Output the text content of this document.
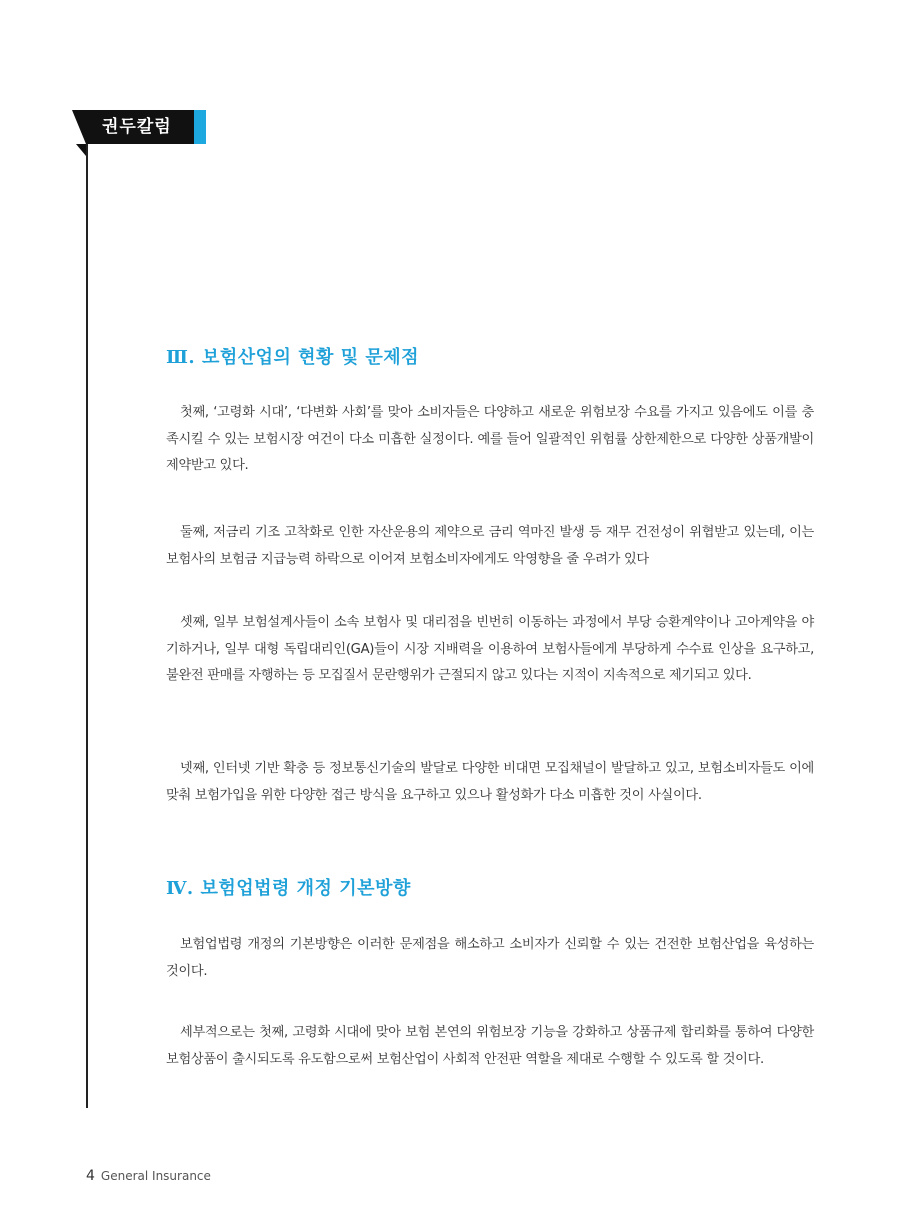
권두칼럼
Ⅲ. 보험산업의 현황 및 문제점

첫째, ‘고령화 시대’, ‘다변화 사회’를 맞아 소비자들은 다양하고 새로운 위험보장 수요를 가지고 있음에도 이를 충족시킬 수 있는 보험시장 여건이 다소 미흡한 실정이다. 예를 들어 일괄적인 위험률 상한제한으로 다양한 상품개발이 제약받고 있다.

둘째, 저금리 기조 고착화로 인한 자산운용의 제약으로 금리 역마진 발생 등 재무 건전성이 위협받고 있는데, 이는 보험사의 보험금 지급능력 하락으로 이어져 보험소비자에게도 악영향을 줄 우려가 있다

셋째, 일부 보험설계사들이 소속 보험사 및 대리점을 빈번히 이동하는 과정에서 부당 승환계약이나 고아계약을 야기하거나, 일부 대형 독립대리인(GA)들이 시장 지배력을 이용하여 보험사들에게 부당하게 수수료 인상을 요구하고, 불완전 판매를 자행하는 등 모집질서 문란행위가 근절되지 않고 있다는 지적이 지속적으로 제기되고 있다.

넷째, 인터넷 기반 확충 등 정보통신기술의 발달로 다양한 비대면 모집채널이 발달하고 있고, 보험소비자들도 이에 맞춰 보험가입을 위한 다양한 접근 방식을 요구하고 있으나 활성화가 다소 미흡한 것이 사실이다.

Ⅳ. 보험업법령 개정 기본방향

보험업법령 개정의 기본방향은 이러한 문제점을 해소하고 소비자가 신뢰할 수 있는 건전한 보험산업을 육성하는 것이다.

세부적으로는 첫째, 고령화 시대에 맞아 보험 본연의 위험보장 기능을 강화하고 상품규제 합리화를 통하여 다양한 보험상품이 출시되도록 유도함으로써 보험산업이 사회적 안전판 역할을 제대로 수행할 수 있도록 할 것이다.

4 General Insurance
